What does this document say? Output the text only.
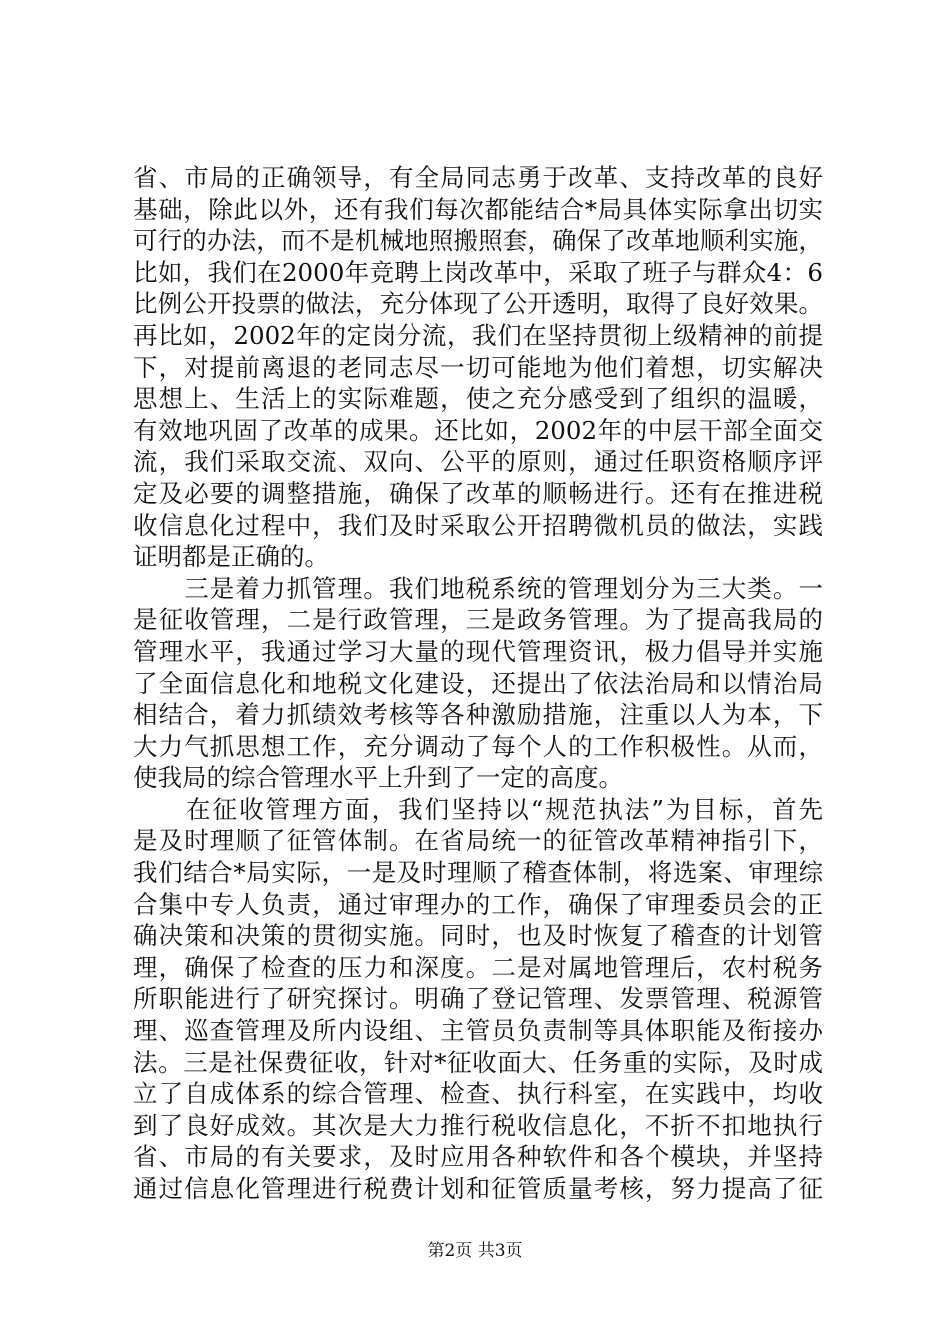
省、市局的正确领导，有全局同志勇于改革、支持改革的良好
基础，除此以外，还有我们每次都能结合*局具体实际拿出切实
可行的办法，而不是机械地照搬照套，确保了改革地顺利实施，
比如，我们在2000年竞聘上岗改革中，采取了班子与群众4：6
比例公开投票的做法，充分体现了公开透明，取得了良好效果。
再比如，2002年的定岗分流，我们在坚持贯彻上级精神的前提
下，对提前离退的老同志尽一切可能地为他们着想，切实解决
思想上、生活上的实际难题，使之充分感受到了组织的温暖，
有效地巩固了改革的成果。还比如，2002年的中层干部全面交
流，我们采取交流、双向、公平的原则，通过任职资格顺序评
定及必要的调整措施，确保了改革的顺畅进行。还有在推进税
收信息化过程中，我们及时采取公开招聘微机员的做法，实践
证明都是正确的。
　　三是着力抓管理。我们地税系统的管理划分为三大类。一
是征收管理，二是行政管理，三是政务管理。为了提高我局的
管理水平，我通过学习大量的现代管理资讯，极力倡导并实施
了全面信息化和地税文化建设，还提出了依法治局和以情治局
相结合，着力抓绩效考核等各种激励措施，注重以人为本，下
大力气抓思想工作，充分调动了每个人的工作积极性。从而，
使我局的综合管理水平上升到了一定的高度。
　　在征收管理方面，我们坚持以“规范执法”为目标，首先
是及时理顺了征管体制。在省局统一的征管改革精神指引下，
我们结合*局实际，一是及时理顺了稽查体制，将选案、审理综
合集中专人负责，通过审理办的工作，确保了审理委员会的正
确决策和决策的贯彻实施。同时，也及时恢复了稽查的计划管
理，确保了检查的压力和深度。二是对属地管理后，农村税务
所职能进行了研究探讨。明确了登记管理、发票管理、税源管
理、巡查管理及所内设组、主管员负责制等具体职能及衔接办
法。三是社保费征收，针对*征收面大、任务重的实际，及时成
立了自成体系的综合管理、检查、执行科室，在实践中，均收
到了良好成效。其次是大力推行税收信息化，不折不扣地执行
省、市局的有关要求，及时应用各种软件和各个模块，并坚持
通过信息化管理进行税费计划和征管质量考核，努力提高了征
第2页 共3页
